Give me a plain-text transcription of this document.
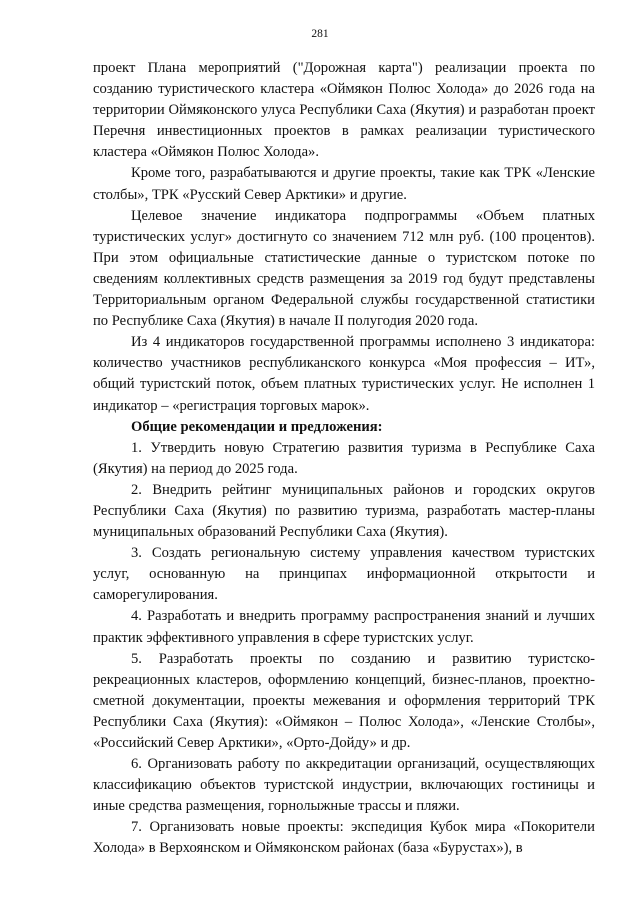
281

проект Плана мероприятий ("Дорожная карта") реализации проекта по созданию туристического кластера «Оймякон Полюс Холода» до 2026 года на территории Оймяконского улуса Республики Саха (Якутия) и разработан проект Перечня инвестиционных проектов в рамках реализации туристического кластера «Оймякон Полюс Холода».

Кроме того, разрабатываются и другие проекты, такие как ТРК «Ленские столбы», ТРК «Русский Север Арктики» и другие.

Целевое значение индикатора подпрограммы «Объем платных туристических услуг» достигнуто со значением 712 млн руб. (100 процентов). При этом официальные статистические данные о туристском потоке по сведениям коллективных средств размещения за 2019 год будут представлены Территориальным органом Федеральной службы государственной статистики по Республике Саха (Якутия) в начале II полугодия 2020 года.

Из 4 индикаторов государственной программы исполнено 3 индикатора: количество участников республиканского конкурса «Моя профессия – ИТ», общий туристский поток, объем платных туристических услуг. Не исполнен 1 индикатор – «регистрация торговых марок».

Общие рекомендации и предложения:

1. Утвердить новую Стратегию развития туризма в Республике Саха (Якутия) на период до 2025 года.

2. Внедрить рейтинг муниципальных районов и городских округов Республики Саха (Якутия) по развитию туризма, разработать мастер-планы муниципальных образований Республики Саха (Якутия).

3. Создать региональную систему управления качеством туристских услуг, основанную на принципах информационной открытости и саморегулирования.

4. Разработать и внедрить программу распространения знаний и лучших практик эффективного управления в сфере туристских услуг.

5. Разработать проекты по созданию и развитию туристско-рекреационных кластеров, оформлению концепций, бизнес-планов, проектно-сметной документации, проекты межевания и оформления территорий ТРК Республики Саха (Якутия): «Оймякон – Полюс Холода», «Ленские Столбы», «Российский Север Арктики», «Орто-Дойду» и др.

6. Организовать работу по аккредитации организаций, осуществляющих классификацию объектов туристской индустрии, включающих гостиницы и иные средства размещения, горнолыжные трассы и пляжи.

7. Организовать новые проекты: экспедиция Кубок мира «Покорители Холода» в Верхоянском и Оймяконском районах (база «Бурустах»), в
